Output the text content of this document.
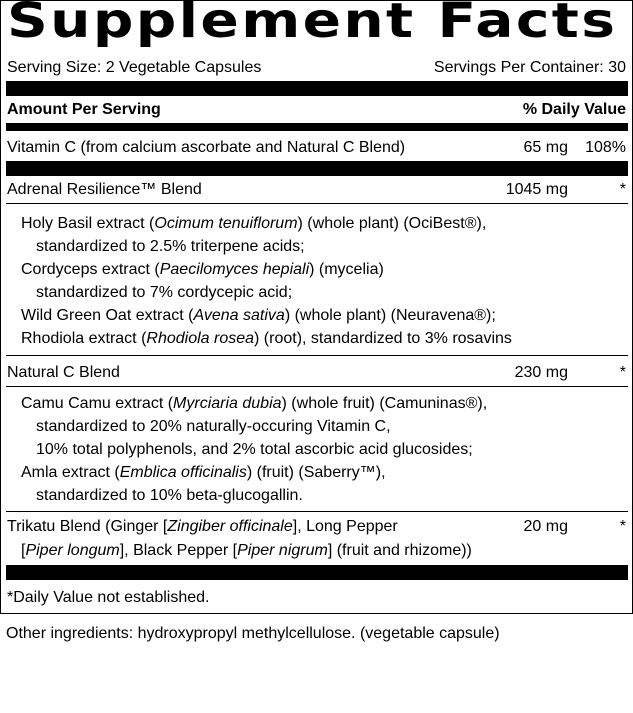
Supplement Facts
Serving Size: 2 Vegetable Capsules	Servings Per Container: 30
Amount Per Serving	% Daily Value
Vitamin C (from calcium ascorbate and Natural C Blend)	65 mg 108%
Adrenal Resilience™ Blend	1045 mg	*
Holy Basil extract (Ocimum tenuiflorum) (whole plant) (OciBest®),
standardized to 2.5% triterpene acids;
Cordyceps extract (Paecilomyces hepiali) (mycelia)
standardized to 7% cordycepic acid;
Wild Green Oat extract (Avena sativa) (whole plant) (Neuravena®);
Rhodiola extract (Rhodiola rosea) (root), standardized to 3% rosavins
Natural C Blend	230 mg	*
Camu Camu extract (Myrciaria dubia) (whole fruit) (Camuninas®),
standardized to 20% naturally-occuring Vitamin C,
10% total polyphenols, and 2% total ascorbic acid glucosides;
Amla extract (Emblica officinalis) (fruit) (Saberry™),
standardized to 10% beta-glucogallin.
Trikatu Blend (Ginger [Zingiber officinale], Long Pepper	20 mg	*
[Piper longum], Black Pepper [Piper nigrum] (fruit and rhizome))
*Daily Value not established.
Other ingredients: hydroxypropyl methylcellulose. (vegetable capsule)
